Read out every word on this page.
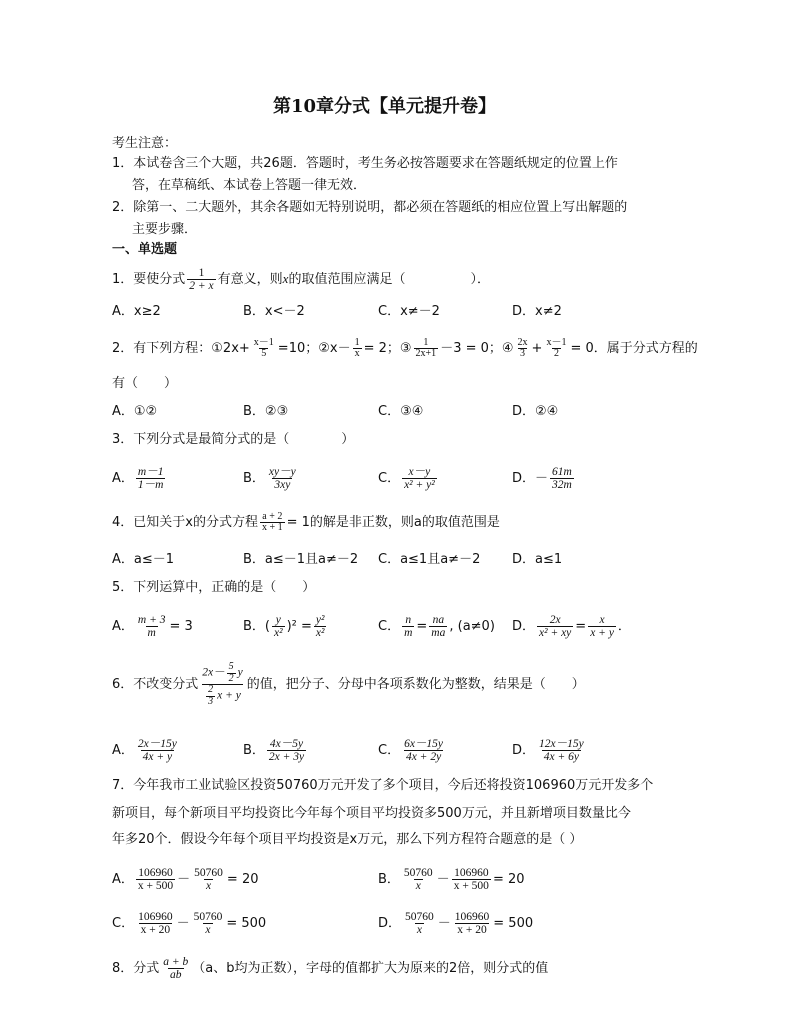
第10章分式【单元提升卷】
考生注意：
1．本试卷含三个大题，共26题．答题时，考生务必按答题要求在答题纸规定的位置上作
答，在草稿纸、本试卷上答题一律无效．
2．除第一、二大题外，其余各题如无特别说明，都必须在答题纸的相应位置上写出解题的
主要步骤．
一、单选题
1．要使分式 $\frac{1}{2 + x}$ 有意义，则x的取值范围应满足（　　　　　）．
A．x≥2	B．x<－2	C．x≠－2	D．x≠2
2．有下列方程：①2x+ $\frac{x-1}{5} =10$；②x－ $\frac{1}{x} = 2$；③ $\frac{1}{2x+1} -3 = 0$；④ $\frac{2x}{3} + \frac{x-1}{2} = 0$．属于分式方程的
有（　　）
A．①②	B．②③	C．③④	D．②④
3．下列分式是最简分式的是（　　　　）
A． $\frac{m-1}{1-m}$	B． $\frac{xy-y}{3xy}$	C． $\frac{x-y}{\text{x² + y²}}$	D．－ $\frac{61m}{32m}$
4．已知关于x的分式方程 $\frac{a + 2}{x + 1} = 1$的解是非正数，则a的取值范围是
A．a≤－1	B．a≤－1且a≠－2 C．a≤1且a≠－2 D．a≤1
5．下列运算中，正确的是（　　）
A． $\frac{m + 3}{m} = 3$	B．( $\frac{y}{\text{x²}} )^2 = \frac{\text{y²}}{\text{x²}}$	C． $\frac{n}{m} = \frac{na}{ma}$ , (a≠0) D． $\frac{2x}{\text{x² + xy}} = \frac{x}{x + y}$ ．
6．不改变分式 $\frac{2x- \frac{5}{2} y}{\frac{2}{3} x + y}$ 的值，把分子、分母中各项系数化为整数，结果是（　　）
A． $\frac{2x-15y}{4x + y}$	B． $\frac{4x-5y}{2x + 3y}$	C． $\frac{6x-15y}{4x + 2y}$	D． $\frac{12x-15y}{4x + 6y}$
7．今年我市工业试验区投资50760万元开发了多个项目，今后还将投资106960万元开发多个
新项目，每个新项目平均投资比今年每个项目平均投资多500万元，并且新增项目数量比今
年多20个．假设今年每个项目平均投资是x万元，那么下列方程符合题意的是（ ）
A． $\frac{106960}{x + 500} - \frac{50760}{x} = 20$	B． $\frac{50760}{x} - \frac{106960}{x + 500} = 20$
C． $\frac{106960}{x + 20} - \frac{50760}{x} = 500$	D． $\frac{50760}{x} - \frac{106960}{x + 20} = 500$
8．分式 $\frac{a + b}{ab} (a$、b均为正数），字母的值都扩大为原来的2倍，则分式的值
